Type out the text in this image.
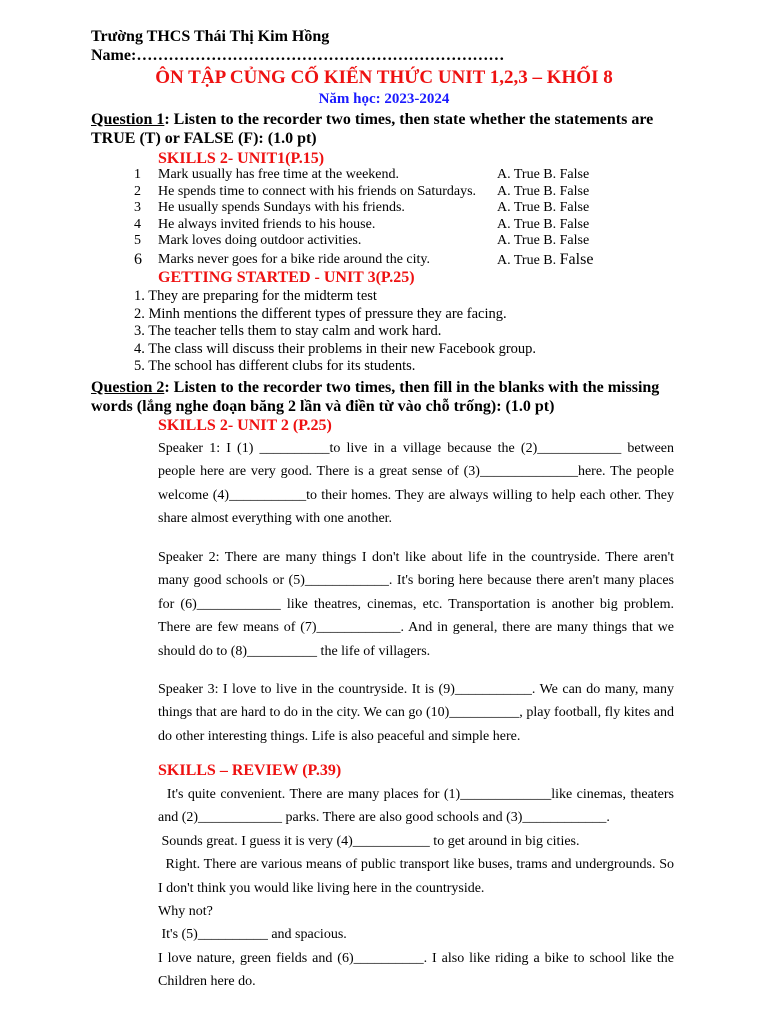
Trường THCS Thái Thị Kim Hồng
Name:……………………………………………………………
ÔN TẬP CỦNG CỐ KIẾN THỨC UNIT 1,2,3 – KHỐI 8
Năm học: 2023-2024
Question 1: Listen to the recorder two times, then state whether the statements are TRUE (T) or FALSE (F): (1.0 pt)
SKILLS 2- UNIT1(P.15)
1	Mark usually has free time at the weekend.	A. True B. False
2	He spends time to connect with his friends on Saturdays.	A. True B. False
3	He usually spends Sundays with his friends.	A. True B. False
4	He always invited friends to his house.	A. True B. False
5	Mark loves doing outdoor activities.	A. True B. False
6	Marks never goes for a bike ride around the city.	A. True B. False
GETTING STARTED - UNIT 3(P.25)
1. They are preparing for the midterm test
2. Minh mentions the different types of pressure they are facing.
3. The teacher tells them to stay calm and work hard.
4. The class will discuss their problems in their new Facebook group.
5. The school has different clubs for its students.
Question 2: Listen to the recorder two times, then fill in the blanks with the missing words (lắng nghe đoạn băng 2 lần và điền từ vào chỗ trống): (1.0 pt)
SKILLS 2- UNIT 2 (P.25)
Speaker 1: I (1) __________to live in a village because the (2)____________ between people here are very good. There is a great sense of (3)______________here. The people welcome (4)___________to their homes. They are always willing to help each other. They share almost everything with one another.
Speaker 2: There are many things I don't like about life in the countryside. There aren't many good schools or (5)____________. It's boring here because there aren't many places for (6)____________ like theatres, cinemas, etc. Transportation is another big problem. There are few means of (7)____________. And in general, there are many things that we should do to (8)__________ the life of villagers.
Speaker 3: I love to live in the countryside. It is (9)___________. We can do many, many things that are hard to do in the city. We can go (10)__________, play football, fly kites and do other interesting things. Life is also peaceful and simple here.
SKILLS – REVIEW (P.39)

It's quite convenient. There are many places for (1)_____________like cinemas, theaters and (2)____________ parks. There are also good schools and (3)____________.

Sounds great. I guess it is very (4)___________ to get around in big cities.

Right. There are various means of public transport like buses, trams and undergrounds. So I don't think you would like living here in the countryside.

Why not?

It's (5)__________ and spacious.

I love nature, green fields and (6)__________. I also like riding a bike to school like the Children here do.
